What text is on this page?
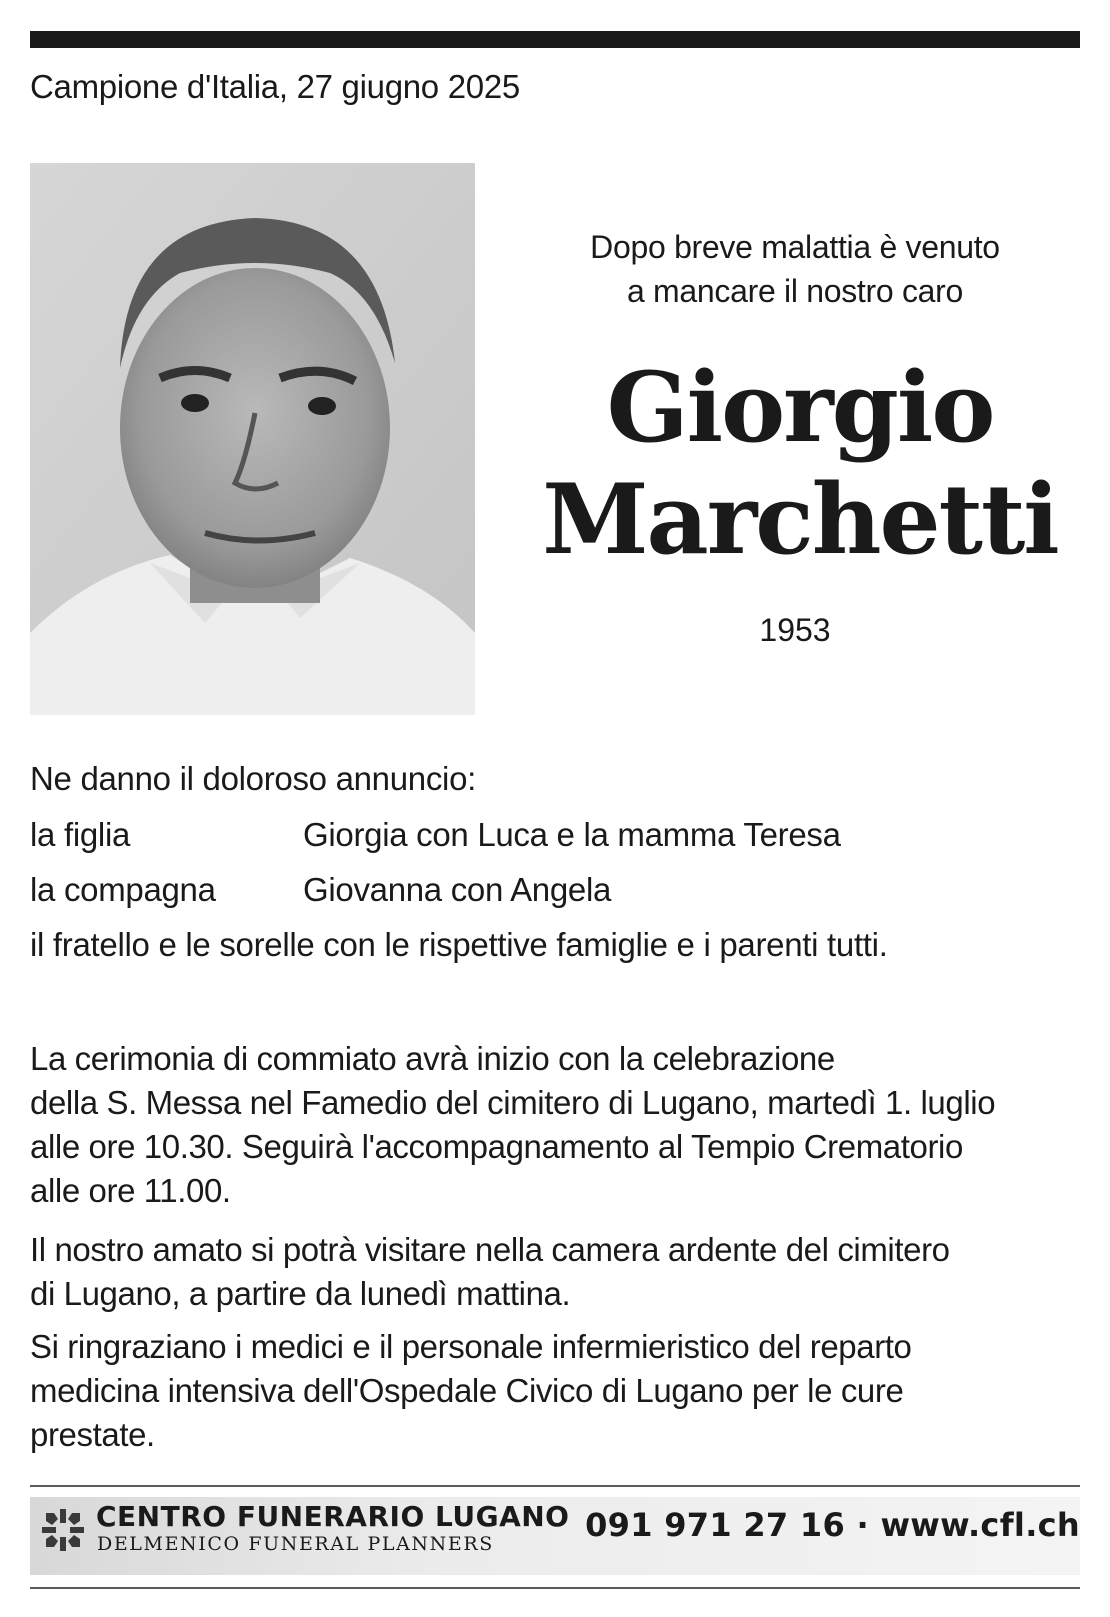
Campione d'Italia, 27 giugno 2025
Dopo breve malattia è venuto
a mancare il nostro caro
Giorgio
Marchetti
1953
Ne danno il doloroso annuncio:
la figlia	Giorgia con Luca e la mamma Teresa
la compagna	Giovanna con Angela
il fratello e le sorelle con le rispettive famiglie e i parenti tutti.
La cerimonia di commiato avrà inizio con la celebrazione
della S. Messa nel Famedio del cimitero di Lugano, martedì 1. luglio
alle ore 10.30. Seguirà l'accompagnamento al Tempio Crematorio
alle ore 11.00.
Il nostro amato si potrà visitare nella camera ardente del cimitero
di Lugano, a partire da lunedì mattina.
Si ringraziano i medici e il personale infermieristico del reparto
medicina intensiva dell'Ospedale Civico di Lugano per le cure
prestate.
CENTRO FUNERARIO LUGANO
DELMENICO FUNERAL PLANNERS	091 971 27 16 · www.cfl.ch
